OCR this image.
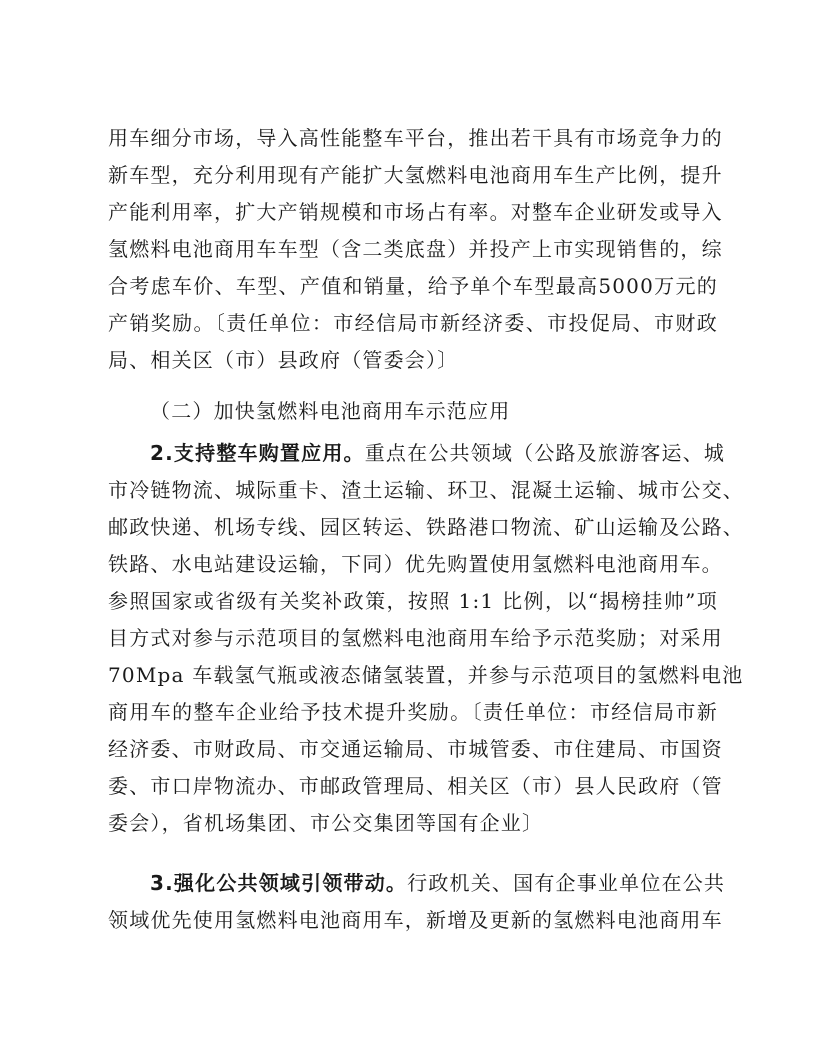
用车细分市场，导入高性能整车平台，推出若干具有市场竞争力的
新车型，充分利用现有产能扩大氢燃料电池商用车生产比例，提升
产能利用率，扩大产销规模和市场占有率。对整车企业研发或导入
氢燃料电池商用车车型（含二类底盘）并投产上市实现销售的，综
合考虑车价、车型、产值和销量，给予单个车型最高5000万元的
产销奖励。〔责任单位：市经信局市新经济委、市投促局、市财政
局、相关区（市）县政府（管委会）〕
（二）加快氢燃料电池商用车示范应用
2.支持整车购置应用。重点在公共领域（公路及旅游客运、城
市冷链物流、城际重卡、渣土运输、环卫、混凝土运输、城市公交、
邮政快递、机场专线、园区转运、铁路港口物流、矿山运输及公路、
铁路、水电站建设运输，下同）优先购置使用氢燃料电池商用车。
参照国家或省级有关奖补政策，按照 1:1 比例，以“揭榜挂帅”项
目方式对参与示范项目的氢燃料电池商用车给予示范奖励；对采用
70Mpa 车载氢气瓶或液态储氢装置，并参与示范项目的氢燃料电池
商用车的整车企业给予技术提升奖励。〔责任单位：市经信局市新
经济委、市财政局、市交通运输局、市城管委、市住建局、市国资
委、市口岸物流办、市邮政管理局、相关区（市）县人民政府（管
委会），省机场集团、市公交集团等国有企业〕
3.强化公共领域引领带动。行政机关、国有企事业单位在公共
领域优先使用氢燃料电池商用车，新增及更新的氢燃料电池商用车
